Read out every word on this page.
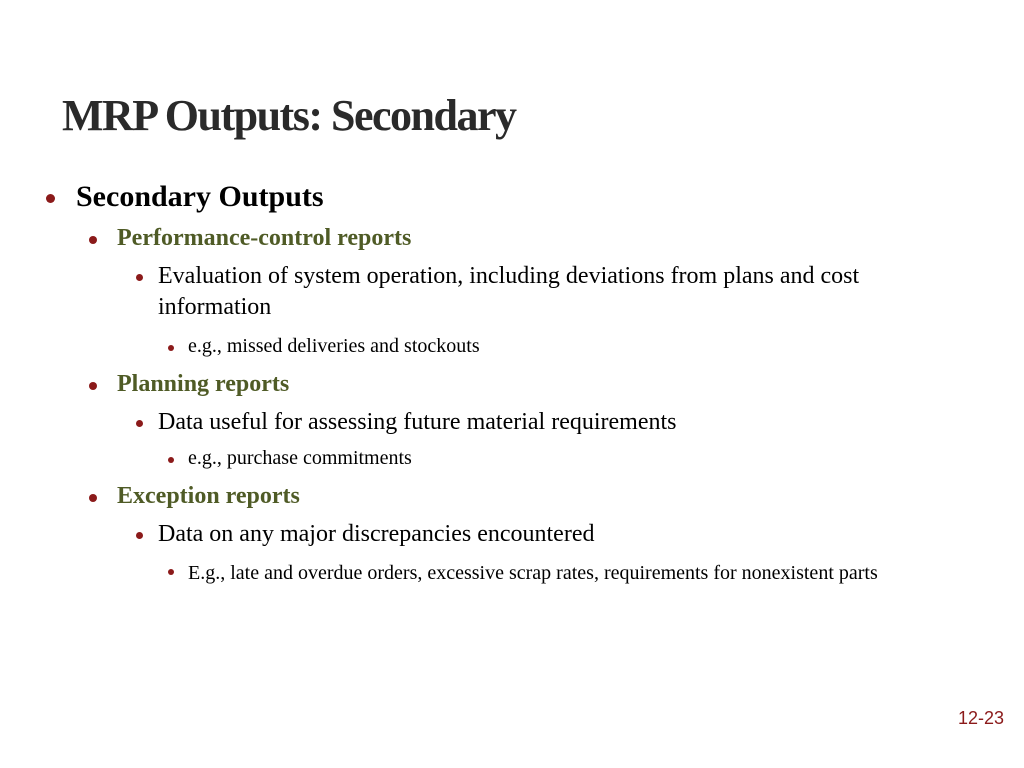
MRP Outputs: Secondary

Secondary Outputs

Performance-control reports

Evaluation of system operation, including deviations from plans and cost information

e.g., missed deliveries and stockouts

Planning reports

Data useful for assessing future material requirements

e.g., purchase commitments

Exception reports

Data on any major discrepancies encountered

E.g., late and overdue orders, excessive scrap rates, requirements for nonexistent parts

12-23
